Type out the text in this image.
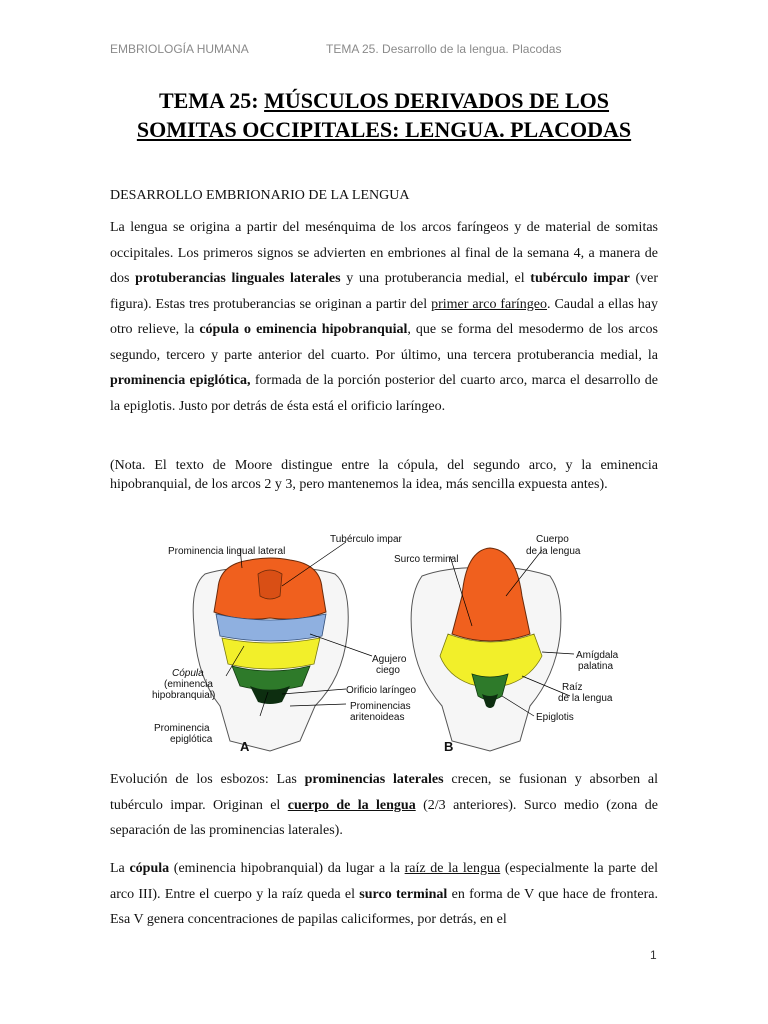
EMBRIOLOGÍA HUMANA	TEMA 25. Desarrollo de la lengua. Placodas
TEMA 25: MÚSCULOS DERIVADOS DE LOS
SOMITAS OCCIPITALES: LENGUA. PLACODAS
DESARROLLO EMBRIONARIO DE LA LENGUA
La lengua se origina a partir del mesénquima de los arcos faríngeos y de material de somitas occipitales. Los primeros signos se advierten en embriones al final de la semana 4, a manera de dos protuberancias linguales laterales y una protuberancia medial, el tubérculo impar (ver figura). Estas tres protuberancias se originan a partir del primer arco faríngeo. Caudal a ellas hay otro relieve, la cópula o eminencia hipobranquial, que se forma del mesodermo de los arcos segundo, tercero y parte anterior del cuarto. Por último, una tercera protuberancia medial, la prominencia epiglótica, formada de la porción posterior del cuarto arco, marca el desarrollo de la epiglotis. Justo por detrás de ésta está el orificio laríngeo.
(Nota. El texto de Moore distingue entre la cópula, del segundo arco, y la eminencia hipobranquial, de los arcos 2 y 3, pero mantenemos la idea, más sencilla expuesta antes).
Prominencia lingual lateral
Tubérculo impar
Cópula
(eminencia
hipobranquial)
Prominencia
epiglótica
Agujero
ciego
Orificio laríngeo
Prominencias
aritenoideas
A
Surco terminal
Cuerpo
de la lengua
Amígdala
palatina
Raíz
de la lengua
Epiglotis
B
Evolución de los esbozos: Las prominencias laterales crecen, se fusionan y absorben al tubérculo impar. Originan el cuerpo de la lengua (2/3 anteriores). Surco medio (zona de separación de las prominencias laterales).
La cópula (eminencia hipobranquial) da lugar a la raíz de la lengua (especialmente la parte del arco III). Entre el cuerpo y la raíz queda el surco terminal en forma de V que hace de frontera. Esa V genera concentraciones de papilas caliciformes, por detrás, en el
1
